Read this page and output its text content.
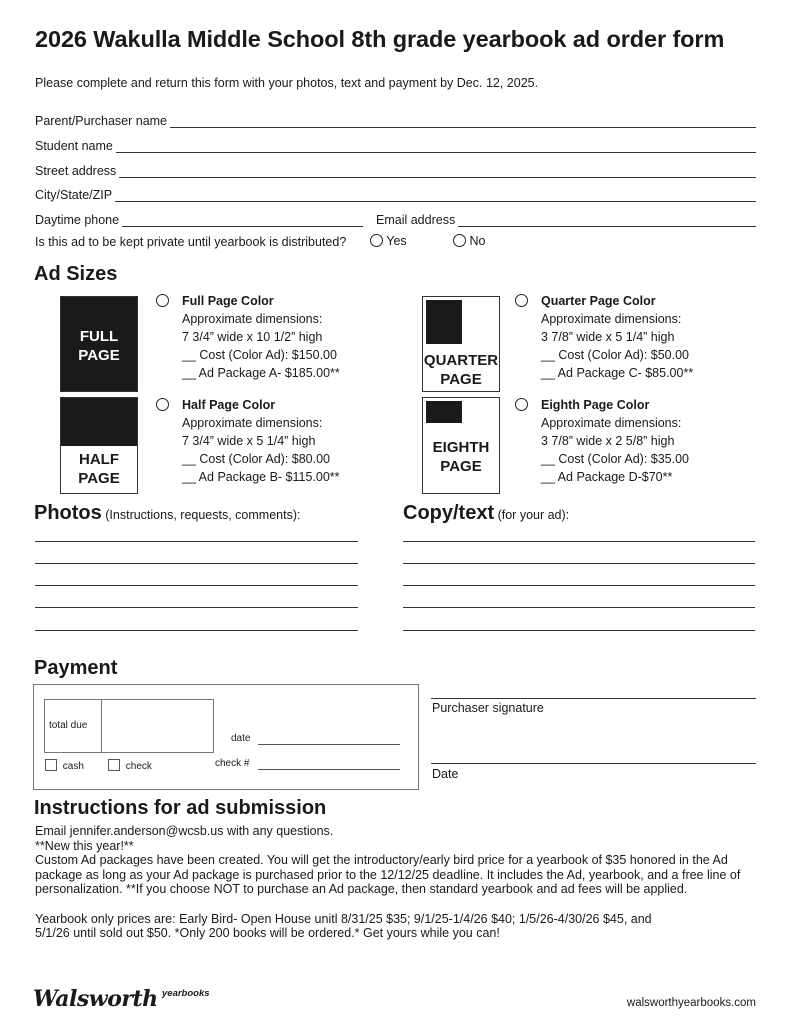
2026 Wakulla Middle School 8th grade yearbook ad order form
Please complete and return this form with your photos, text and payment by Dec. 12, 2025.
Parent/Purchaser name
Student name
Street address
City/State/ZIP
Daytime phone	Email address
Is this ad to be kept private until yearbook is distributed?	Yes	No
Ad Sizes
FULL
PAGE
Full Page Color
Approximate dimensions:
7 3/4” wide x 10 1/2” high
__ Cost (Color Ad): $150.00
__ Ad Package A- $185.00**
QUARTER
PAGE
Quarter Page Color
Approximate dimensions:
3 7/8” wide x 5 1/4” high
__ Cost (Color Ad): $50.00
__ Ad Package C- $85.00**
HALF
PAGE
Half Page Color
Approximate dimensions:
7 3/4” wide x 5 1/4” high
__ Cost (Color Ad): $80.00
__ Ad Package B- $115.00**
EIGHTH
PAGE
Eighth Page Color
Approximate dimensions:
3 7/8” wide x 2 5/8” high
__ Cost (Color Ad): $35.00
__ Ad Package D-$70**
Photos (Instructions, requests, comments):	Copy/text (for your ad):
Payment
total due
date
check #
cash	check
Purchaser signature
Date
Instructions for ad submission

Email jennifer.anderson@wcsb.us with any questions.

**New this year!**

Custom Ad packages have been created. You will get the introductory/early bird price for a yearbook of $35 honored in the Ad package as long as your Ad package is purchased prior to the 12/12/25 deadline. It includes the Ad, yearbook, and a free line of personalization. **If you choose NOT to purchase an Ad package, then standard yearbook and ad fees will be applied.

Yearbook only prices are: Early Bird- Open House unitl 8/31/25 $35; 9/1/25-1/4/26 $40; 1/5/26-4/30/26 $45, and 5/1/26 until sold out $50. *Only 200 books will be ordered.* Get yours while you can!

Walsworth yearbooks
walsworthyearbooks.com
